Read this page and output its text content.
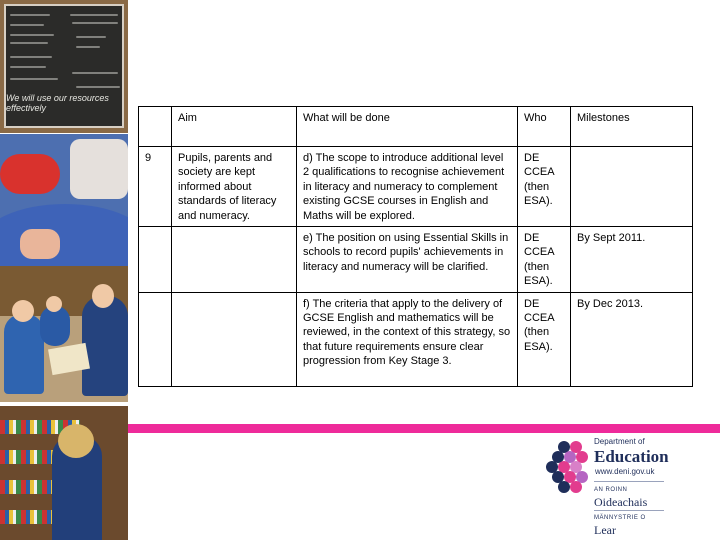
We will use our resources effectively
	Aim	What will be done	Who	Milestones
9	Pupils, parents and society are kept informed about standards of literacy and numeracy.	d) The scope to introduce additional level 2 qualifications to recognise achievement in literacy and numeracy to complement existing GCSE courses in English and Maths will be explored.	DE CCEA (then ESA).	
		e) The position on using Essential Skills in schools to record pupils' achievements in literacy and numeracy will be clarified.	DE CCEA (then ESA).	By Sept 2011.
		f) The criteria that apply to the delivery of GCSE English and mathematics will be reviewed, in the context of this strategy, so that future requirements ensure clear progression from Key Stage 3.	DE CCEA (then ESA).	By Dec 2013.
Department of
Education
www.deni.gov.uk
AN ROINN
Oideachais
MÄNNYSTRIE O
Lear
